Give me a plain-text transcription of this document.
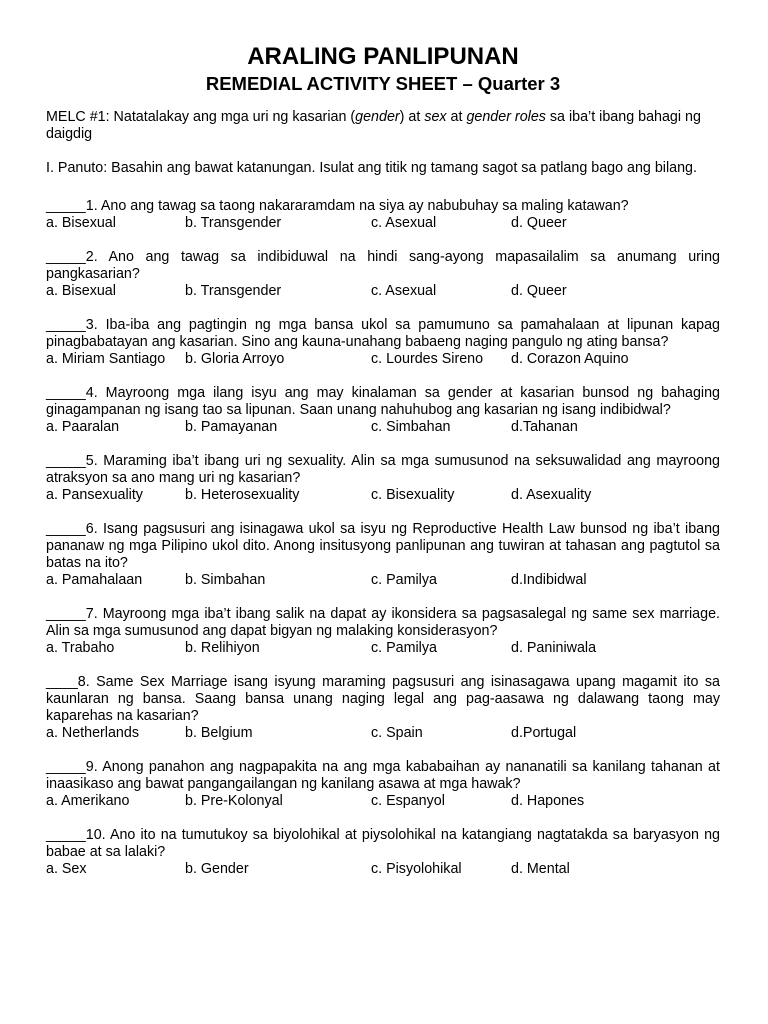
ARALING PANLIPUNAN
REMEDIAL ACTIVITY SHEET – Quarter 3
MELC #1: Natatalakay ang mga uri ng kasarian (gender) at sex at gender roles sa iba’t ibang bahagi ng daigdig
I. Panuto: Basahin ang bawat katanungan. Isulat ang titik ng tamang sagot sa patlang bago ang bilang.
_____1. Ano ang tawag sa taong nakararamdam na siya ay nabubuhay sa maling katawan?
a. Bisexual	b. Transgender	c. Asexual	d. Queer
_____2. Ano ang tawag sa indibiduwal na hindi sang-ayong mapasailalim sa anumang uring pangkasarian?
a. Bisexual	b. Transgender	c. Asexual	d. Queer
_____3. Iba-iba ang pagtingin ng mga bansa ukol sa pamumuno sa pamahalaan at lipunan kapag pinagbabatayan ang kasarian. Sino ang kauna-unahang babaeng naging pangulo ng ating bansa?
a. Miriam Santiago b. Gloria Arroyo	c. Lourdes Sireno d. Corazon Aquino
_____4. Mayroong mga ilang isyu ang may kinalaman sa gender at kasarian bunsod ng bahaging ginagampanan ng isang tao sa lipunan. Saan unang nahuhubog ang kasarian ng isang indibidwal?
a. Paaralan	b. Pamayanan	c. Simbahan	d.Tahanan
_____5. Maraming iba’t ibang uri ng sexuality. Alin sa mga sumusunod na seksuwalidad ang mayroong atraksyon sa ano mang uri ng kasarian?
a. Pansexuality	b. Heterosexuality	c. Bisexuality	d. Asexuality
_____6. Isang pagsusuri ang isinagawa ukol sa isyu ng Reproductive Health Law bunsod ng iba’t ibang pananaw ng mga Pilipino ukol dito. Anong insitusyong panlipunan ang tuwiran at tahasan ang pagtutol sa batas na ito?
a. Pamahalaan	b. Simbahan	c. Pamilya	d.Indibidwal
_____7. Mayroong mga iba’t ibang salik na dapat ay ikonsidera sa pagsasalegal ng same sex marriage. Alin sa mga sumusunod ang dapat bigyan ng malaking konsiderasyon?
a. Trabaho	b. Relihiyon	c. Pamilya	d. Paniniwala
____8. Same Sex Marriage isang isyung maraming pagsusuri ang isinasagawa upang magamit ito sa kaunlaran ng bansa. Saang bansa unang naging legal ang pag-aasawa ng dalawang taong may kaparehas na kasarian?
a. Netherlands	b. Belgium	c. Spain	d.Portugal
_____9. Anong panahon ang nagpapakita na ang mga kababaihan ay nananatili sa kanilang tahanan at inaasikaso ang bawat pangangailangan ng kanilang asawa at mga hawak?
a. Amerikano	b. Pre-Kolonyal	c. Espanyol	d. Hapones
_____10. Ano ito na tumutukoy sa biyolohikal at piysolohikal na katangiang nagtatakda sa baryasyon ng babae at sa lalaki?
a. Sex	b. Gender	c. Pisyolohikal	d. Mental
